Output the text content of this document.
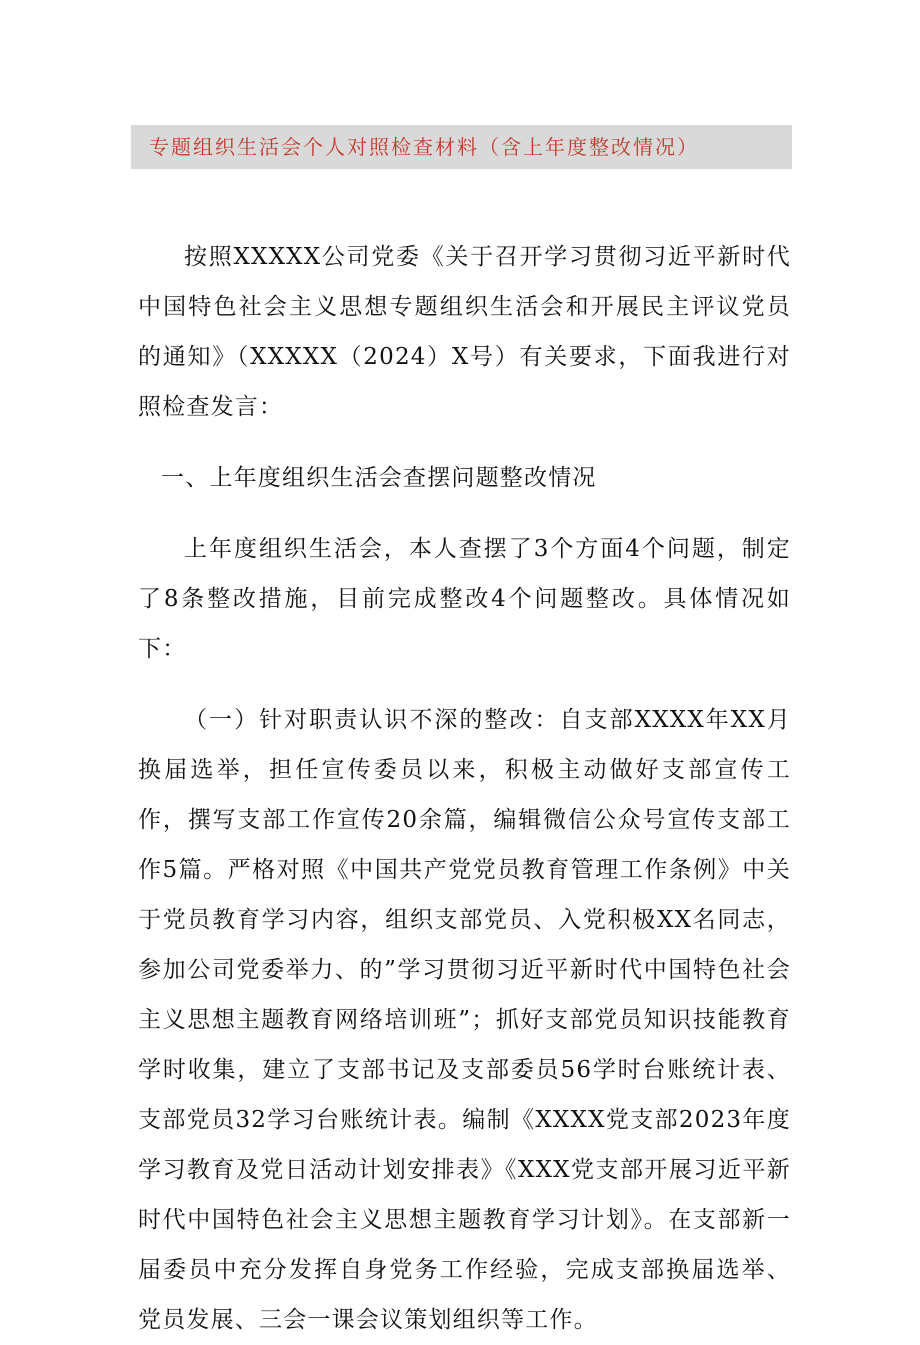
专题组织生活会个人对照检查材料（含上年度整改情况）

按照XXXXX公司党委《关于召开学习贯彻习近平新时代中国特色社会主义思想专题组织生活会和开展民主评议党员的通知》（XXXXX（2024）X号）有关要求，下面我进行对照检查发言：

一、上年度组织生活会查摆问题整改情况

上年度组织生活会，本人查摆了3个方面4个问题，制定了8条整改措施，目前完成整改4个问题整改。具体情况如下：

（一）针对职责认识不深的整改：自支部XXXX年XX月换届选举，担任宣传委员以来，积极主动做好支部宣传工作，撰写支部工作宣传20余篇，编辑微信公众号宣传支部工作5篇。严格对照《中国共产党党员教育管理工作条例》中关于党员教育学习内容，组织支部党员、入党积极XX名同志，参加公司党委举力、的”学习贯彻习近平新时代中国特色社会主义思想主题教育网络培训班”；抓好支部党员知识技能教育学时收集，建立了支部书记及支部委员56学时台账统计表、支部党员32学习台账统计表。编制《XXXX党支部2023年度学习教育及党日活动计划安排表》《XXX党支部开展习近平新时代中国特色社会主义思想主题教育学习计划》。在支部新一届委员中充分发挥自身党务工作经验，完成支部换届选举、党员发展、三会一课会议策划组织等工作。
